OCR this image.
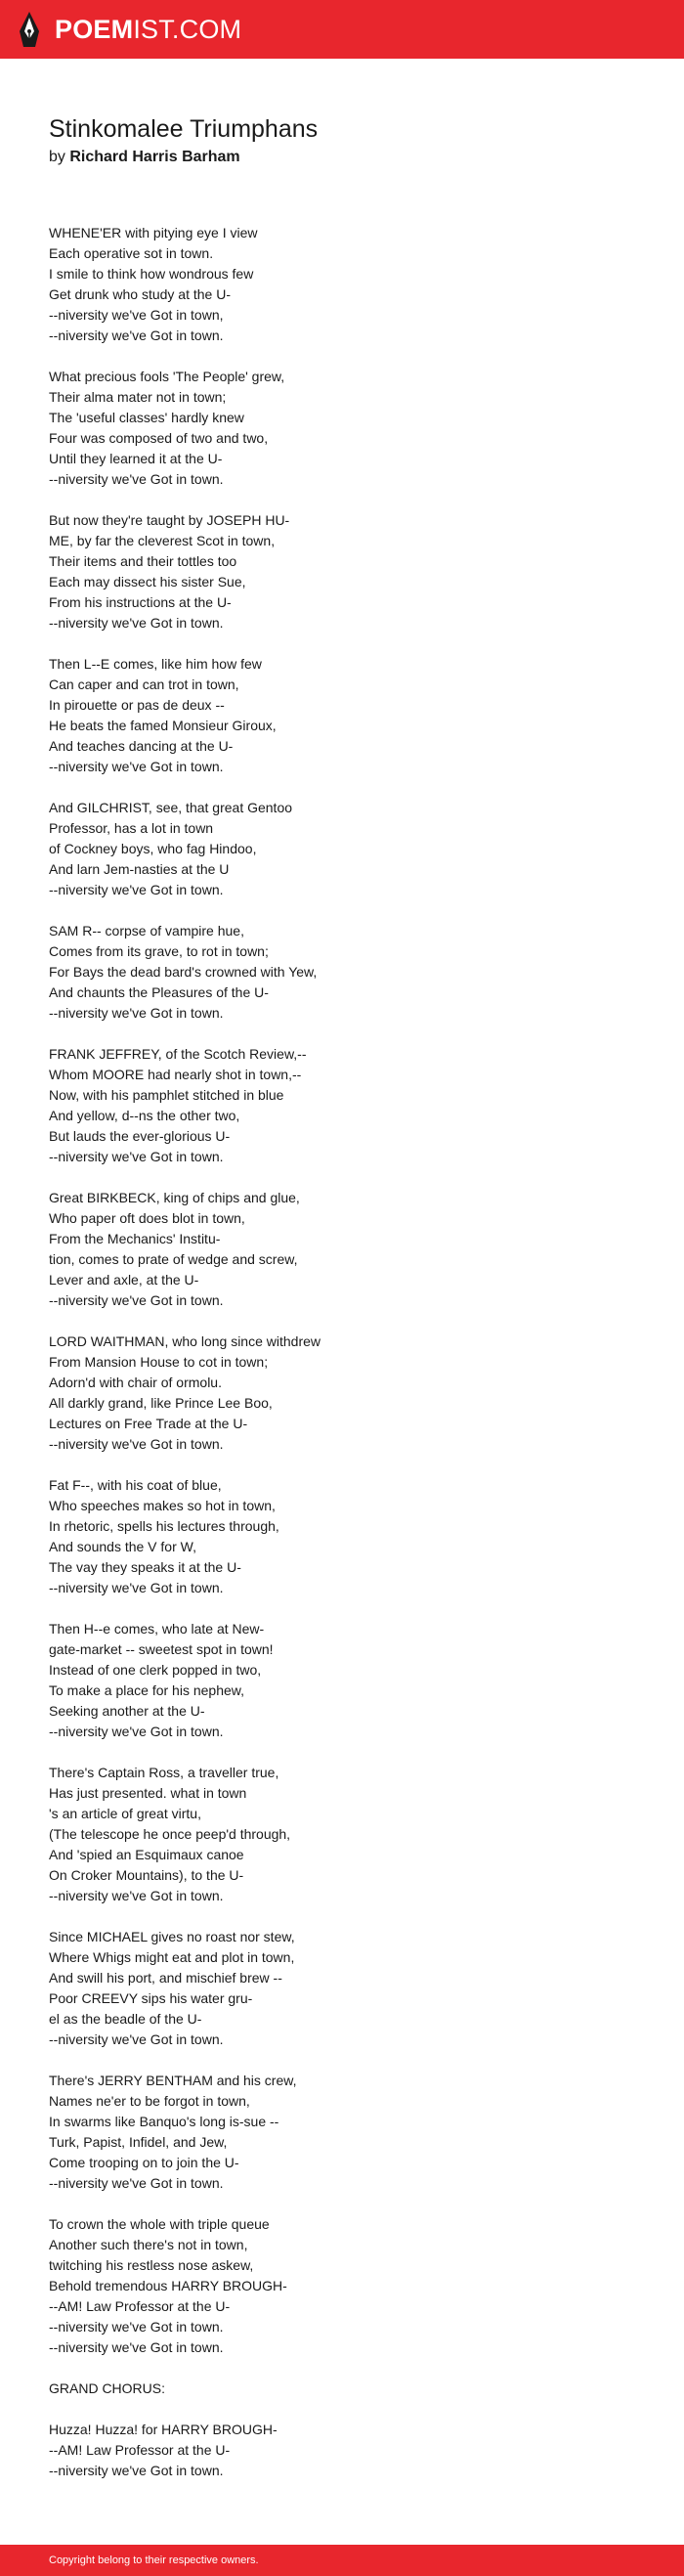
POEMIST.COM
Stinkomalee Triumphans
by Richard Harris Barham
WHENE'ER with pitying eye I view
Each operative sot in town.
I smile to think how wondrous few
Get drunk who study at the U-
--niversity we've Got in town,
--niversity we've Got in town.
What precious fools 'The People' grew,
Their alma mater not in town;
The 'useful classes' hardly knew
Four was composed of two and two,
Until they learned it at the U-
--niversity we've Got in town.
But now they're taught by JOSEPH HU-
ME, by far the cleverest Scot in town,
Their items and their tottles too
Each may dissect his sister Sue,
From his instructions at the U-
--niversity we've Got in town.
Then L--E comes, like him how few
Can caper and can trot in town,
In pirouette or pas de deux --
He beats the famed Monsieur Giroux,
And teaches dancing at the U-
--niversity we've Got in town.
And GILCHRIST, see, that great Gentoo
Professor, has a lot in town
of Cockney boys, who fag Hindoo,
And larn Jem-nasties at the U
--niversity we've Got in town.
SAM R-- corpse of vampire hue,
Comes from its grave, to rot in town;
For Bays the dead bard's crowned with Yew,
And chaunts the Pleasures of the U-
--niversity we've Got in town.
FRANK JEFFREY, of the Scotch Review,--
Whom MOORE had nearly shot in town,--
Now, with his pamphlet stitched in blue
And yellow, d--ns the other two,
But lauds the ever-glorious U-
--niversity we've Got in town.
Great BIRKBECK, king of chips and glue,
Who paper oft does blot in town,
From the Mechanics' Institu-
tion, comes to prate of wedge and screw,
Lever and axle, at the U-
--niversity we've Got in town.
LORD WAITHMAN, who long since withdrew
From Mansion House to cot in town;
Adorn'd with chair of ormolu.
All darkly grand, like Prince Lee Boo,
Lectures on Free Trade at the U-
--niversity we've Got in town.
Fat F--, with his coat of blue,
Who speeches makes so hot in town,
In rhetoric, spells his lectures through,
And sounds the V for W,
The vay they speaks it at the U-
--niversity we've Got in town.
Then H--e comes, who late at New-
gate-market -- sweetest spot in town!
Instead of one clerk popped in two,
To make a place for his nephew,
Seeking another at the U-
--niversity we've Got in town.
There's Captain Ross, a traveller true,
Has just presented. what in town
's an article of great virtu,
(The telescope he once peep'd through,
And 'spied an Esquimaux canoe
On Croker Mountains), to the U-
--niversity we've Got in town.
Since MICHAEL gives no roast nor stew,
Where Whigs might eat and plot in town,
And swill his port, and mischief brew --
Poor CREEVY sips his water gru-
el as the beadle of the U-
--niversity we've Got in town.
There's JERRY BENTHAM and his crew,
Names ne'er to be forgot in town,
In swarms like Banquo's long is-sue --
Turk, Papist, Infidel, and Jew,
Come trooping on to join the U-
--niversity we've Got in town.
To crown the whole with triple queue
Another such there's not in town,
twitching his restless nose askew,
Behold tremendous HARRY BROUGH-
--AM! Law Professor at the U-
--niversity we've Got in town.
--niversity we've Got in town.
GRAND CHORUS:
Huzza! Huzza! for HARRY BROUGH-
--AM! Law Professor at the U-
--niversity we've Got in town.
Copyright belong to their respective owners.
